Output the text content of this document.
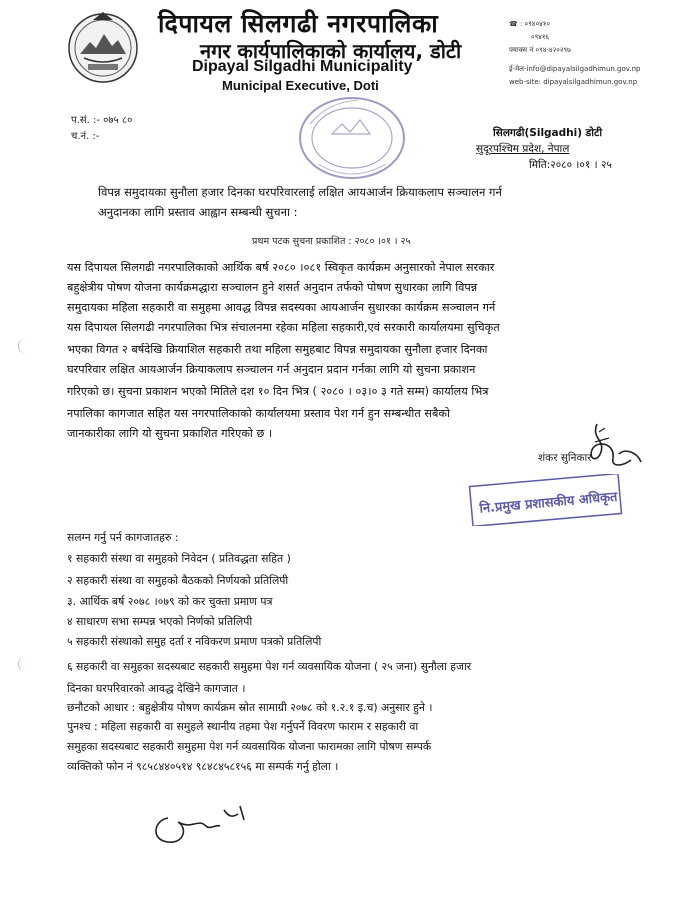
दिपायल सिलगढी नगरपालिका
नगर कार्यपालिकाको कार्यालय, डोटी
Dipayal Silgadhi Municipality
Municipal Executive, Doti
☎ : ०९४०४१०
०९४१६
फ्याक्स नं ०९४-४२०२९७
ई-मेल-info@dipayalsilgadhimun.gov.np
web-site: dipayalsilgadhimun.gov.np
प.सं. :- ०७५ ८०
च.नं. :-	सिलगढी(Silgadhi) डोटी
सुदूरपश्चिम प्रदेश, नेपाल
मिति:२०८० ।०१ । २५
विपन्न समुदायका सुनौला हजार दिनका घरपरिवारलाई लक्षित आयआर्जन क्रियाकलाप सञ्चालन गर्न
अनुदानका लागि प्रस्ताव आह्वान सम्बन्धी सुचना :
प्रथम पटक सुचना प्रकाशित : २०८० ।०१ । २५
यस दिपायल सिलगढी नगरपालिकाको आर्थिक बर्ष २०८० ।०८१ स्विकृत कार्यक्रम अनुसारको नेपाल सरकार
बहुक्षेत्रीय पोषण योजना कार्यक्रमद्धारा सञ्चालन हुने शसर्त अनुदान तर्फको पोषण सुधारका लागि विपन्न
समुदायका महिला सहकारी वा समुहमा आवद्ध विपन्न सदस्यका आयआर्जन सुधारका कार्यक्रम सञ्चालन गर्न
यस दिपायल सिलगढी नगरपालिका भित्र संचालनमा रहेका महिला सहकारी,एवं सरकारी कार्यालयमा सुचिकृत
भएका विगत २ बर्षदेखि क्रियाशिल सहकारी तथा महिला समुहबाट विपन्न समुदायका सुनौला हजार दिनका
घरपरिवार लक्षित आयआर्जन क्रियाकलाप सञ्चालन गर्न अनुदान प्रदान गर्नका लागि यो सुचना प्रकाशन
गरिएको छ। सुचना प्रकाशन भएको मितिले दश १० दिन भित्र ( २०८० । ०३।० ३ गते सम्म) कार्यालय भित्र
नपालिका कागजात सहित यस नगरपालिकाको कार्यालयमा प्रस्ताव पेश गर्न हुन सम्बन्धीत सबैको
जानकारीका लागि यो सुचना प्रकाशित गरिएको छ ।
शंकर सुनिकार
नि.प्रमुख प्रशासकीय अधिकृत
सलग्न गर्नु पर्न कागजातहरु :
१ सहकारी संस्था वा समुहको निवेदन ( प्रतिवद्धता सहित )
२ सहकारी संस्था वा समुहको बैठकको निर्णयको प्रतिलिपी
३. आर्थिक बर्ष २०७८ ।०७९ को कर चुक्ता प्रमाण पत्र
४ साधारण सभा सम्पन्न भएको निर्णको प्रतिलिपी
५ सहकारी संस्थाको समुह दर्ता र नविकरण प्रमाण पत्रको प्रतिलिपी
६ सहकारी वा समुहका सदस्यबाट सहकारी समुहमा पेश गर्न व्यवसायिक योजना ( २५ जना) सुनौला हजार
दिनका घरपरिवारको आवद्ध देखिने कागजात ।
छनौटको आधार : बहुक्षेत्रीय पोषण कार्यक्रम स्रोत सामाग्री २०७८ को १.२.१ इ.च) अनुसार हुने ।
पुनश्च : महिला सहकारी वा समुहले स्थानीय तहमा पेश गर्नुपर्ने विवरण फाराम र सहकारी वा
समुहका सदस्यबाट सहकारी समुहमा पेश गर्न व्यवसायिक योजना फारामका लागि पोषण सम्पर्क
व्यक्तिको फोन नं ९८५८४४०५१४ ९८४८४५८१५६ मा सम्पर्क गर्नु होला ।
